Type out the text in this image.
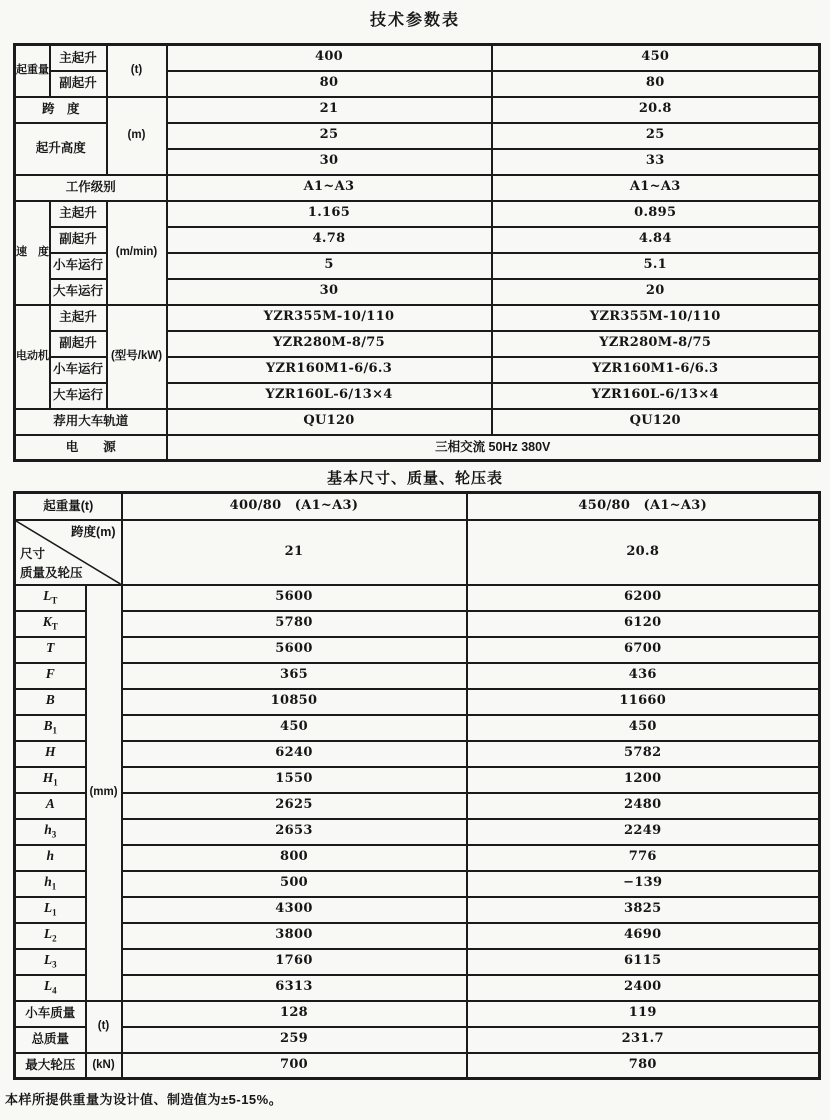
技术参数表
起重量	主起升	(t)	400	450
	副起升		80	80
跨　度		(m)	21	20.8
起升高度			25	25
			30	33
工作级别			A1~A3	A1~A3
速　度	主起升	(m/min)	1.165	0.895
	副起升		4.78	4.84
	小车运行		5	5.1
	大车运行		30	20
电动机	主起升	(型号/kW)	YZR355M-10/110	YZR355M-10/110
	副起升		YZR280M-8/75	YZR280M-8/75
	小车运行		YZR160M1-6/6.3	YZR160M1-6/6.3
	大车运行		YZR160L-6/13×4	YZR160L-6/13×4
荐用大车轨道			QU120	QU120
电　　源			三相交流 50Hz 380V	
基本尺寸、质量、轮压表
起重量(t)		400/80　(A1~A3)	450/80　(A1~A3)

跨度(m)
尺寸
质量及轮压		21	20.8
$L_T$	(mm)	5600	6200
$K_T$		5780	6120
T		5600	6700
F		365	436
B		10850	11660
$B_1$		450	450
H		6240	5782
$H_1$		1550	1200
A		2625	2480
$h_3$		2653	2249
h		800	776
$h_1$		500	−139
$L_1$		4300	3825
$L_2$		3800	4690
$L_3$		1760	6115
$L_4$		6313	2400
小车质量	(t)	128	119
总质量		259	231.7
最大轮压	(kN)	700	780

本样所提供重量为设计值、制造值为±5-15%。
